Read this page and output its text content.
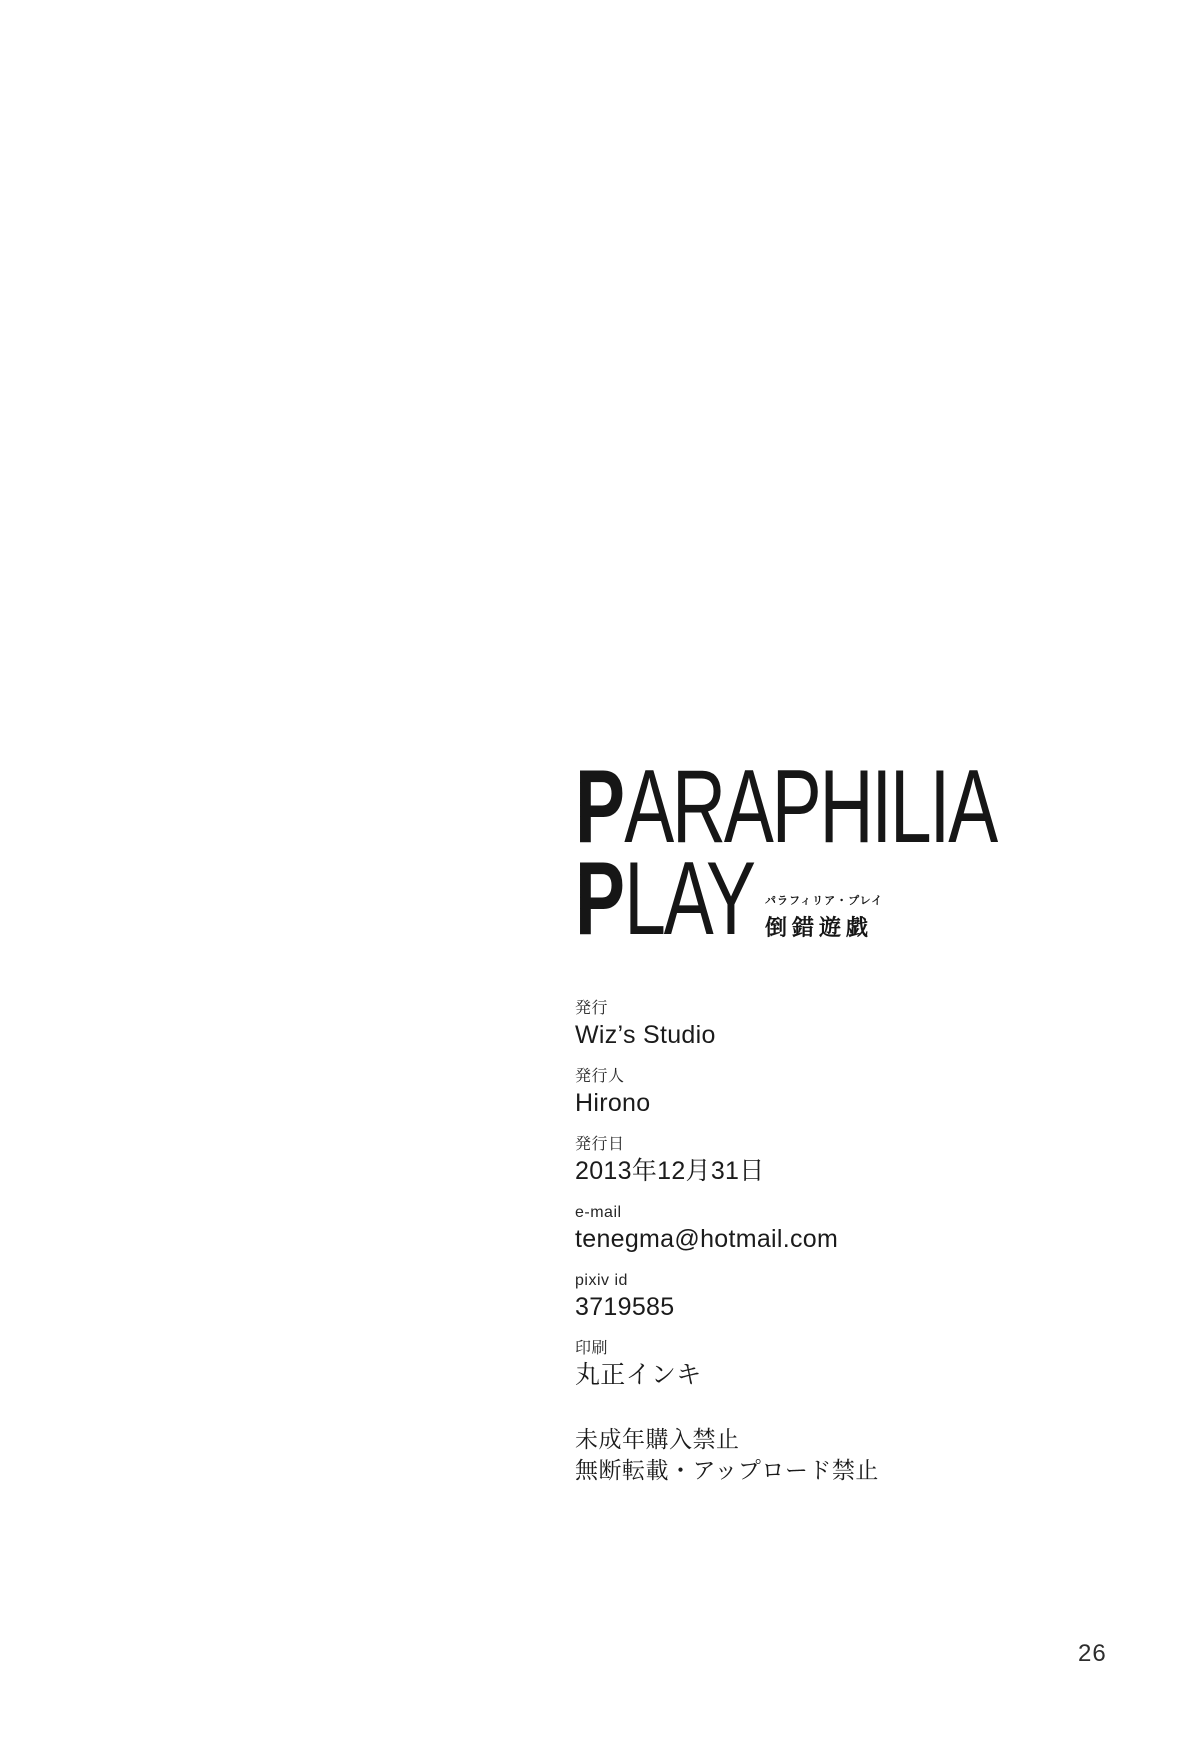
PARAPHILIA
PLAY	パラフィリア・プレイ
倒錯遊戯
発行
Wiz’s Studio
発行人
Hirono
発行日
2013年12月31日
e-mail
tenegma@hotmail.com
pixiv id
3719585
印刷
丸正インキ
未成年購入禁止
無断転載・アップロード禁止
26
